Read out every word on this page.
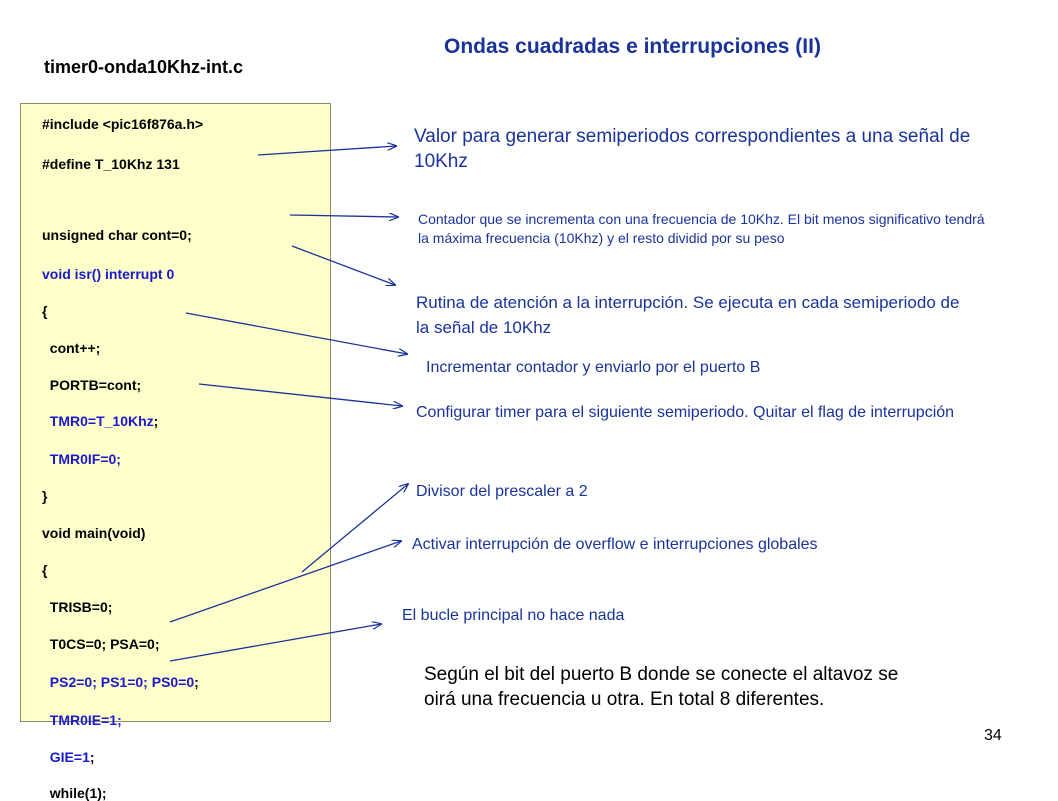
Ondas cuadradas e interrupciones (II)
timer0-onda10Khz-int.c
#include <pic16f876a.h>
#define T_10Khz 131
unsigned char cont=0;
void isr() interrupt 0
{
cont++;
PORTB=cont;
TMR0=T_10Khz;
TMR0IF=0;
}
void main(void)
{
TRISB=0;
T0CS=0; PSA=0;
PS2=0; PS1=0; PS0=0;
TMR0IE=1;
GIE=1;
while(1);
Valor para generar semiperiodos correspondientes a una señal de 10Khz
Contador que se incrementa con una frecuencia de 10Khz. El bit menos significativo tendrá la máxima frecuencia (10Khz) y el resto dividid por su peso
Rutina de atención a la interrupción. Se ejecuta en cada semiperiodo de la señal de 10Khz
Incrementar contador y enviarlo por el puerto B
Configurar timer para el siguiente semiperiodo. Quitar el flag de interrupción
Divisor del prescaler a 2
Activar interrupción de overflow e interrupciones globales
El bucle principal no hace nada
Según el bit del puerto B donde se conecte el altavoz se oirá una frecuencia u otra. En total 8 diferentes.
34
